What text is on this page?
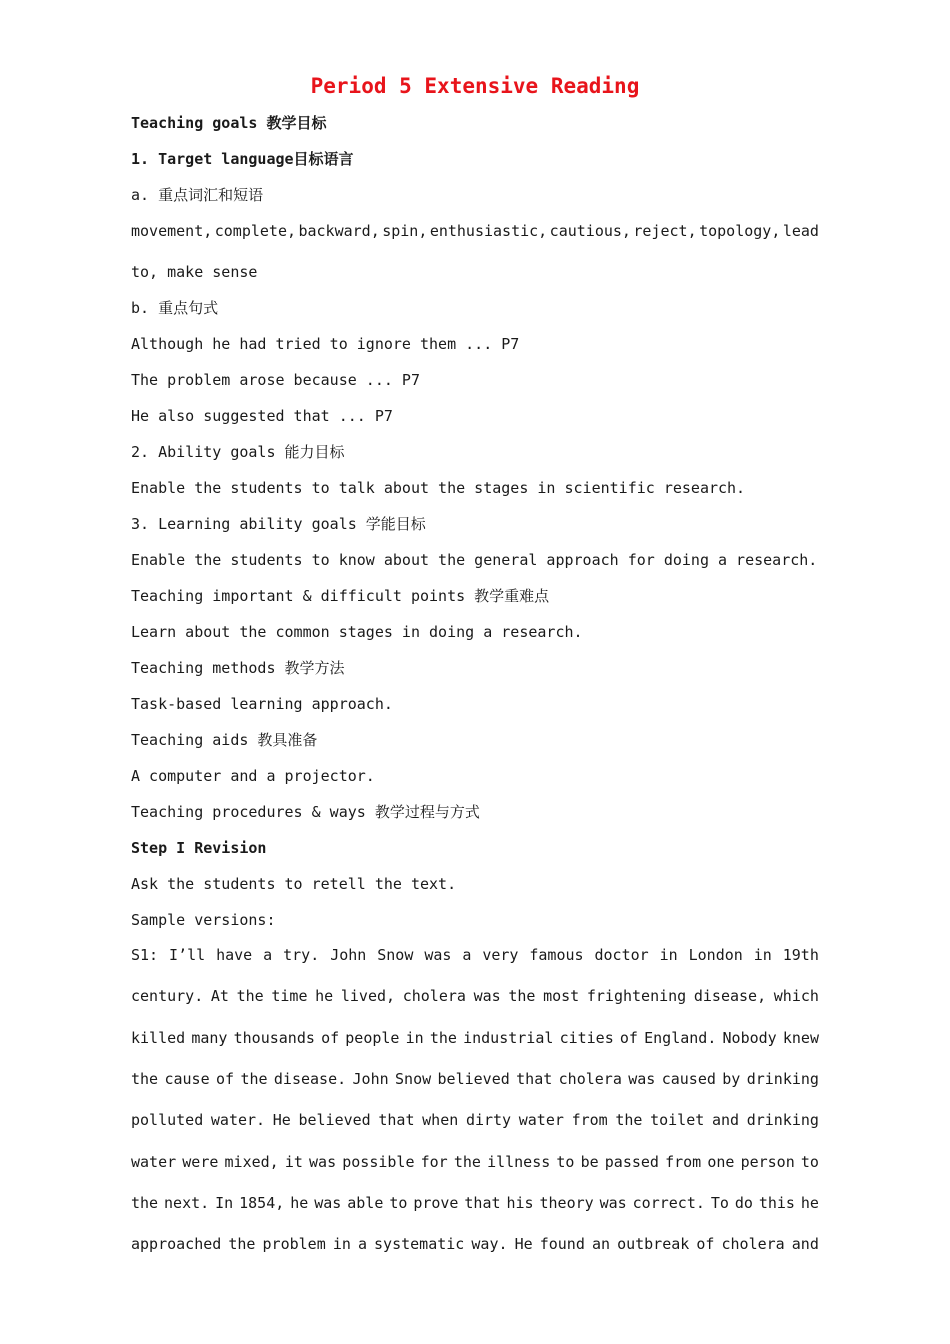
Period 5 Extensive Reading
Teaching goals 教学目标
1. Target language目标语言
a. 重点词汇和短语
movement, complete, backward, spin, enthusiastic, cautious, reject, topology, lead
to, make sense
b. 重点句式
Although he had tried to ignore them ... P7
The problem arose because ... P7
He also suggested that ... P7
2. Ability goals 能力目标
Enable the students to talk about the stages in scientific research.
3. Learning ability goals 学能目标
Enable the students to know about the general approach for doing a research.
Teaching important & difficult points 教学重难点
Learn about the common stages in doing a research.
Teaching methods 教学方法
Task-based learning approach.
Teaching aids 教具准备
A computer and a projector.
Teaching procedures & ways 教学过程与方式
Step I Revision
Ask the students to retell the text.
Sample versions:
S1: I’ll have a try. John Snow was a very famous doctor in London in 19th
century. At the time he lived, cholera was the most frightening disease, which
killed many thousands of people in the industrial cities of England. Nobody knew
the cause of the disease. John Snow believed that cholera was caused by drinking
polluted water. He believed that when dirty water from the toilet and drinking
water were mixed, it was possible for the illness to be passed from one person to
the next. In 1854, he was able to prove that his theory was correct. To do this he
approached the problem in a systematic way. He found an outbreak of cholera and
